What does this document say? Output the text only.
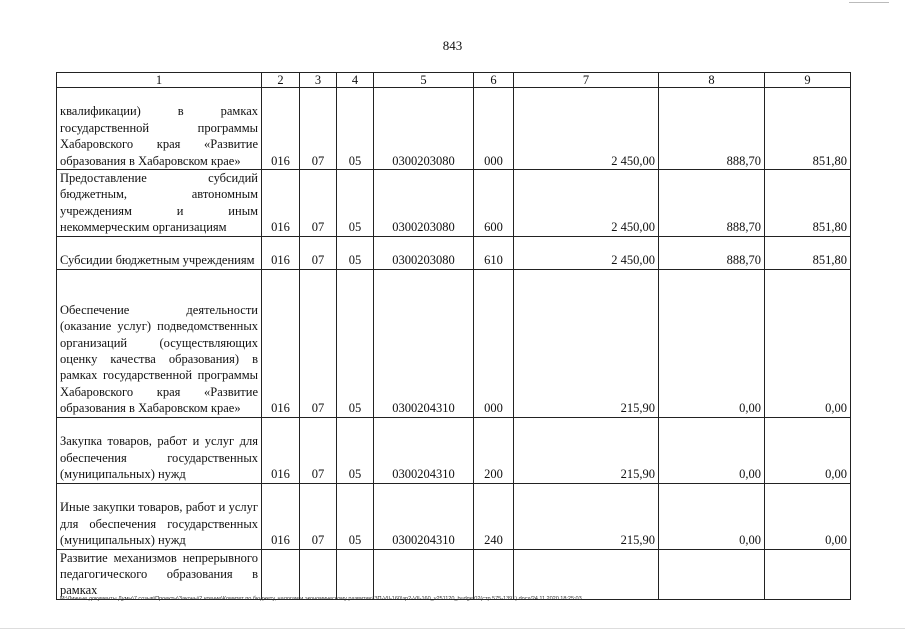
843
1	2	3	4	5	6	7	8	9
квалификации) в рамках государственной программы Хабаровского края «Развитие образования в Хабаровском крае»	016	07	05	0300203080	000	2 450,00	888,70	851,80
Предоставление субсидий бюджетным, автономным учреждениям и иным некоммерческим организациям	016	07	05	0300203080	600	2 450,00	888,70	851,80
Субсидии бюджетным учреждениям	016	07	05	0300203080	610	2 450,00	888,70	851,80
Обеспечение деятельности (оказание услуг) подведомственных организаций (осуществляющих оценку качества образования) в рамках государственной программы Хабаровского края «Развитие образования в Хабаровском крае»	016	07	05	0300204310	000	215,90	0,00	0,00
Закупка товаров, работ и услуг для обеспечения государственных (муниципальных) нужд	016	07	05	0300204310	200	215,90	0,00	0,00
Иные закупки товаров, работ и услуг для обеспечения государственных (муниципальных) нужд	016	07	05	0300204310	240	215,90	0,00	0,00
Развитие механизмов непрерывного педагогического образования в рамках								
M:\Личные документы Думы\7 созыв\Проекты\Законы\2 чтение\Комитет по бюджету, налогам и экономическому развитию\ЗП-VII-160\зр2-VII-160_v251120_budget02(стр 575-1391).docx/24.11.2020 18:25:03
